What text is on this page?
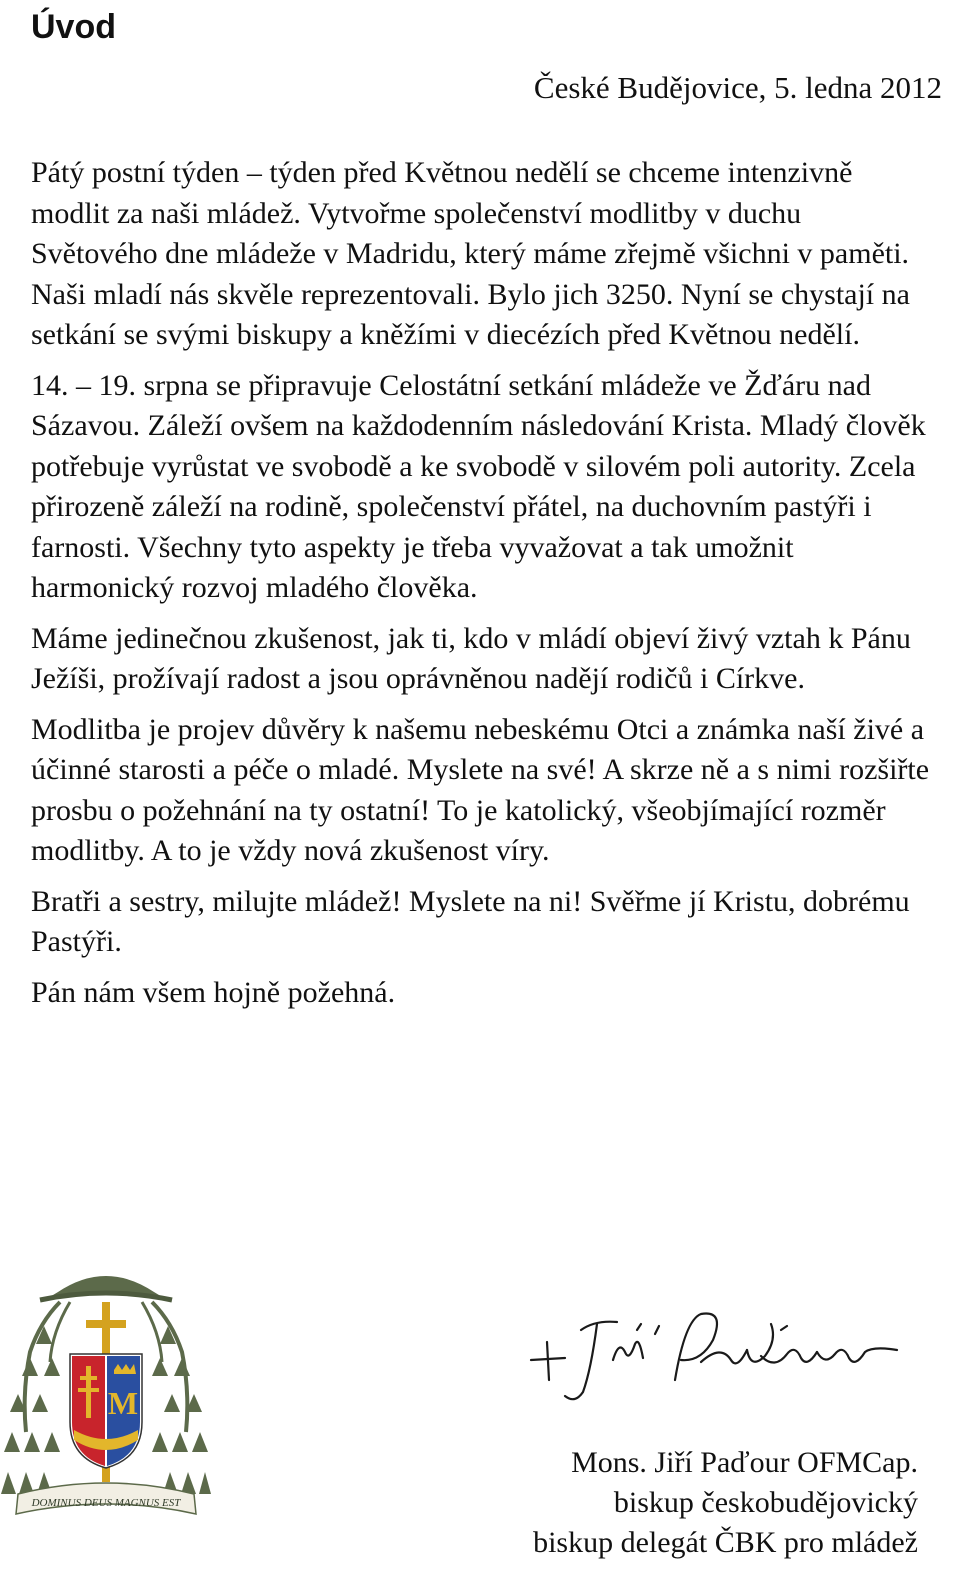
Úvod
České Budějovice, 5. ledna 2012

Pátý postní týden – týden před Květnou nedělí se chceme intenzivně modlit za naši mládež. Vytvořme společenství modlitby v duchu Světového dne mládeže v Madridu, který máme zřejmě všichni v paměti. Naši mladí nás skvěle reprezentovali. Bylo jich 3250. Nyní se chystají na setkání se svými biskupy a kněžími v diecézích před Květnou nedělí.

14. – 19. srpna se připravuje Celostátní setkání mládeže ve Žďáru nad Sázavou. Záleží ovšem na každodenním následování Krista. Mladý člověk potřebuje vyrůstat ve svobodě a ke svobodě v silovém poli autority. Zcela přirozeně záleží na rodině, společenství přátel, na duchovním pastýři i farnosti. Všechny tyto aspekty je třeba vyvažovat a tak umožnit harmonický rozvoj mladého člověka.

Máme jedinečnou zkušenost, jak ti, kdo v mládí objeví živý vztah k Pánu Ježíši, prožívají radost a jsou oprávněnou nadějí rodičů i Církve.

Modlitba je projev důvěry k našemu nebeskému Otci a známka naší živé a účinné starosti a péče o mladé. Myslete na své! A skrze ně a s nimi rozšiřte prosbu o požehnání na ty ostatní! To je katolický, všeobjímající rozměr modlitby. A to je vždy nová zkušenost víry.

Bratři a sestry, milujte mládež! Myslete na ni! Svěřme jí Kristu, dobrému Pastýři.

Pán nám všem hojně požehná.

M
DOMINUS DEUS MAGNUS EST
Mons. Jiří Paďour OFMCap.
biskup českobudějovický
biskup delegát ČBK pro mládež
